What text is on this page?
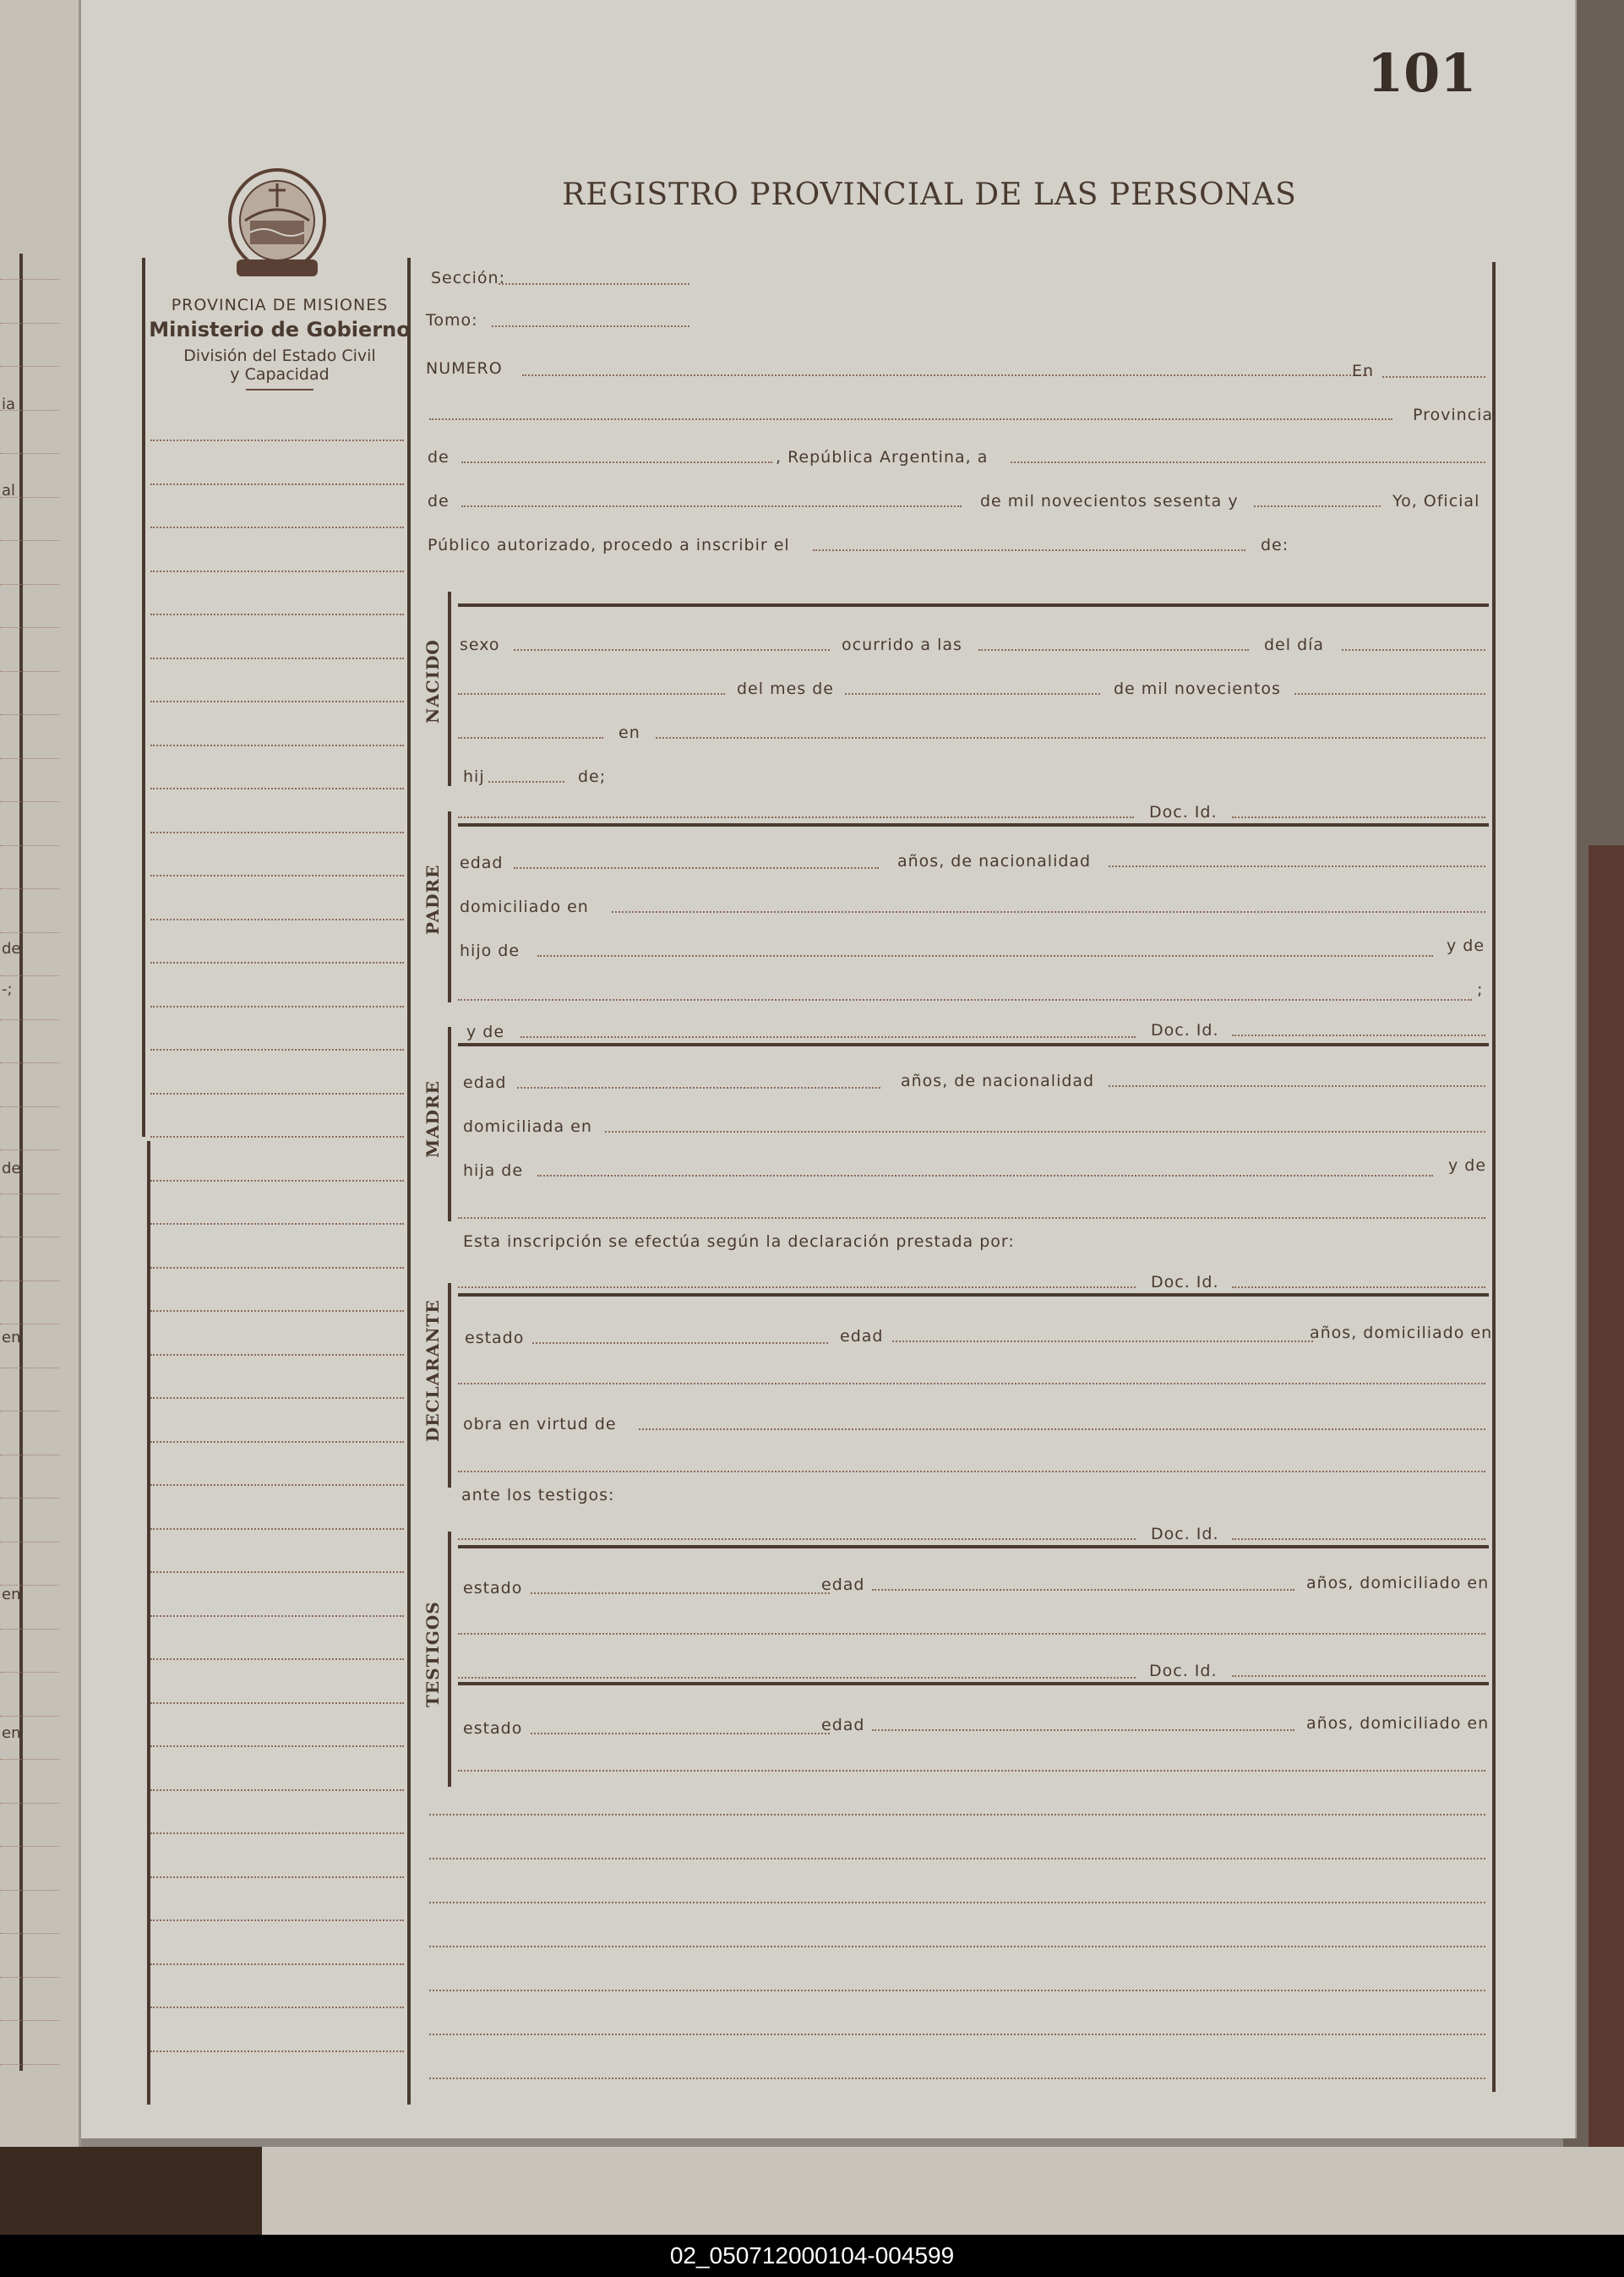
ia
al
de
-;
de
en
en
en
101
REGISTRO PROVINCIAL DE LAS PERSONAS
PROVINCIA DE MISIONES
Ministerio de Gobierno
División del Estado Civil
y Capacidad
Sección:
Tomo:
NUMERO	En
Provincia
de	, República Argentina, a
de	de mil novecientos sesenta y	Yo, Oficial
Público autorizado, procedo a inscribir el	de:
NACIDO sexo	ocurrido a las	del día
del mes de	de mil novecientos
en
hij	de;
Doc. Id.
PADRE
edad	años, de nacionalidad
domiciliado en
hijo de	y de
;
y de	Doc. Id.
MADRE edad	años, de nacionalidad
domiciliada en
hija de	y de
Esta inscripción se efectúa según la declaración prestada por:
Doc. Id.
DECLARANTE estado	edad	años, domiciliado en
obra en virtud de
ante los testigos:
Doc. Id.
TESTIGOS
estado	edad	años, domiciliado en
Doc. Id.
estado	edad	años, domiciliado en
02_050712000104-004599
